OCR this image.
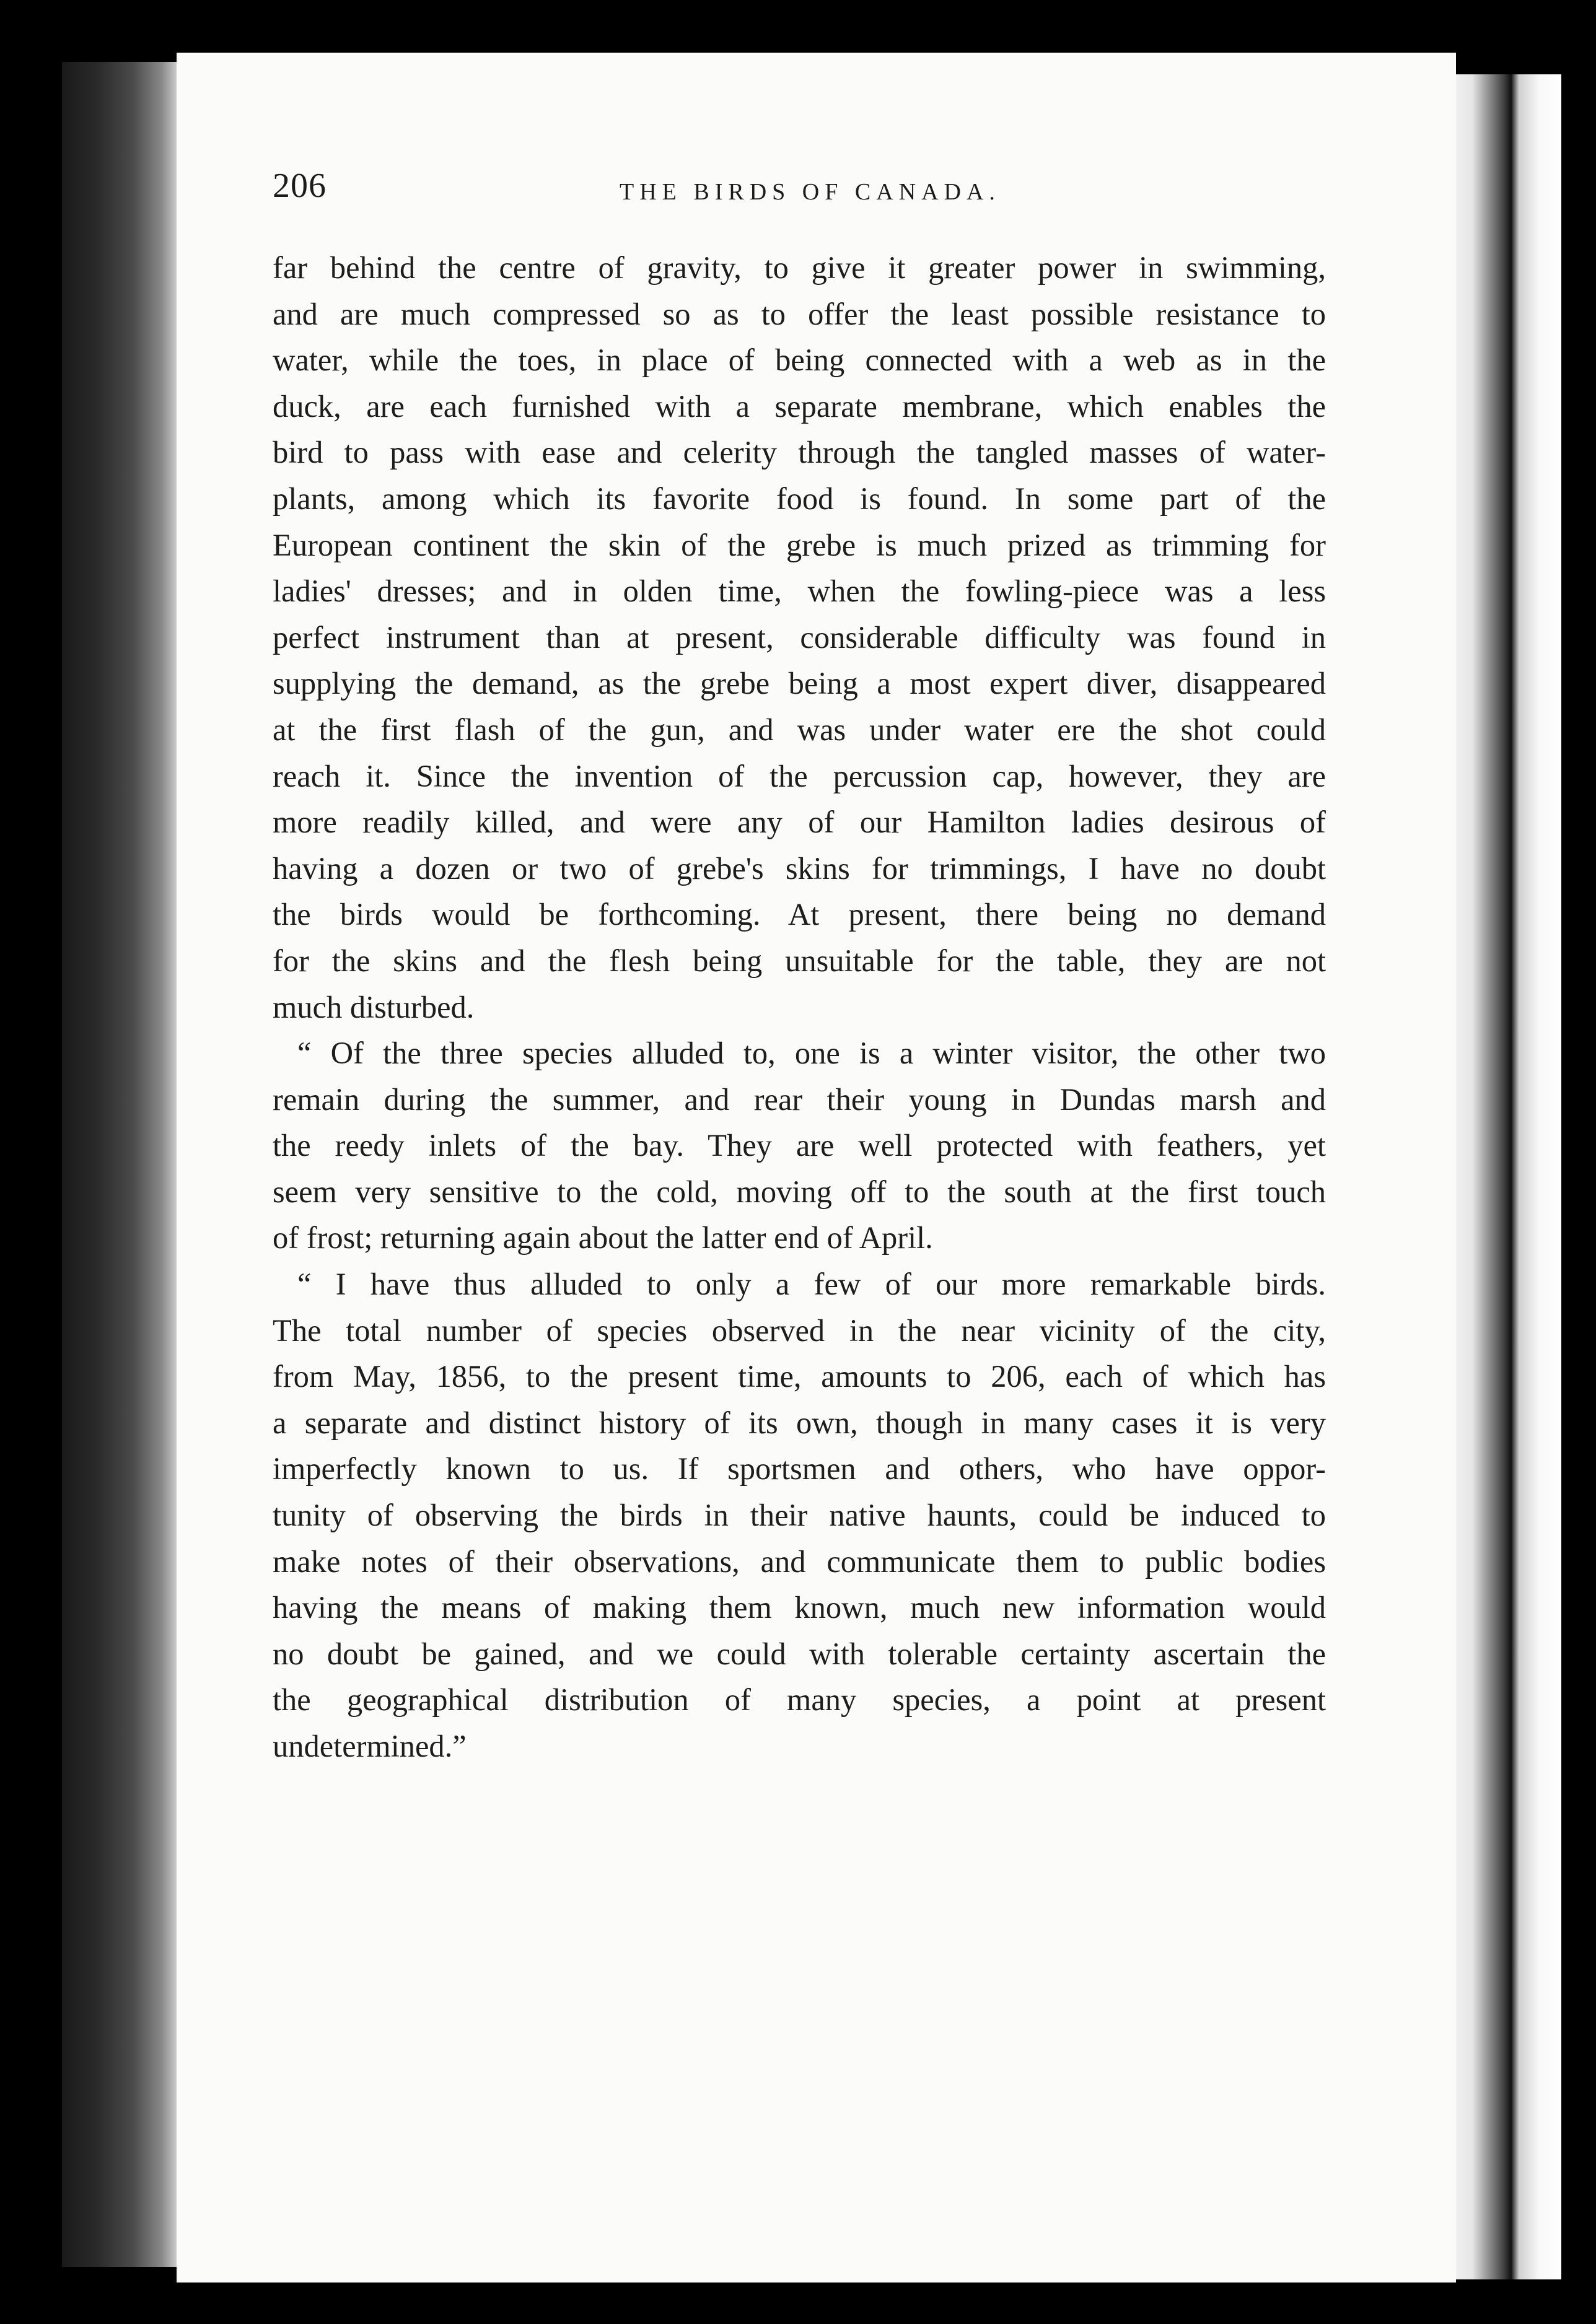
206	THE BIRDS OF CANADA.
far behind the centre of gravity, to give it greater power in swimming,
and are much compressed so as to offer the least possible resistance to
water, while the toes, in place of being connected with a web as in the
duck, are each furnished with a separate membrane, which enables the
bird to pass with ease and celerity through the tangled masses of water-
plants, among which its favorite food is found. In some part of the
European continent the skin of the grebe is much prized as trimming for
ladies' dresses; and in olden time, when the fowling-piece was a less
perfect instrument than at present, considerable difficulty was found in
supplying the demand, as the grebe being a most expert diver, disappeared
at the first flash of the gun, and was under water ere the shot could
reach it. Since the invention of the percussion cap, however, they are
more readily killed, and were any of our Hamilton ladies desirous of
having a dozen or two of grebe's skins for trimmings, I have no doubt
the birds would be forthcoming. At present, there being no demand
for the skins and the flesh being unsuitable for the table, they are not
much disturbed.
“ Of the three species alluded to, one is a winter visitor, the other two
remain during the summer, and rear their young in Dundas marsh and
the reedy inlets of the bay. They are well protected with feathers, yet
seem very sensitive to the cold, moving off to the south at the first touch
of frost; returning again about the latter end of April.
“ I have thus alluded to only a few of our more remarkable birds.
The total number of species observed in the near vicinity of the city,
from May, 1856, to the present time, amounts to 206, each of which has
a separate and distinct history of its own, though in many cases it is very
imperfectly known to us. If sportsmen and others, who have oppor-
tunity of observing the birds in their native haunts, could be induced to
make notes of their observations, and communicate them to public bodies
having the means of making them known, much new information would
no doubt be gained, and we could with tolerable certainty ascertain the
the geographical distribution of many species, a point at present
undetermined.”
